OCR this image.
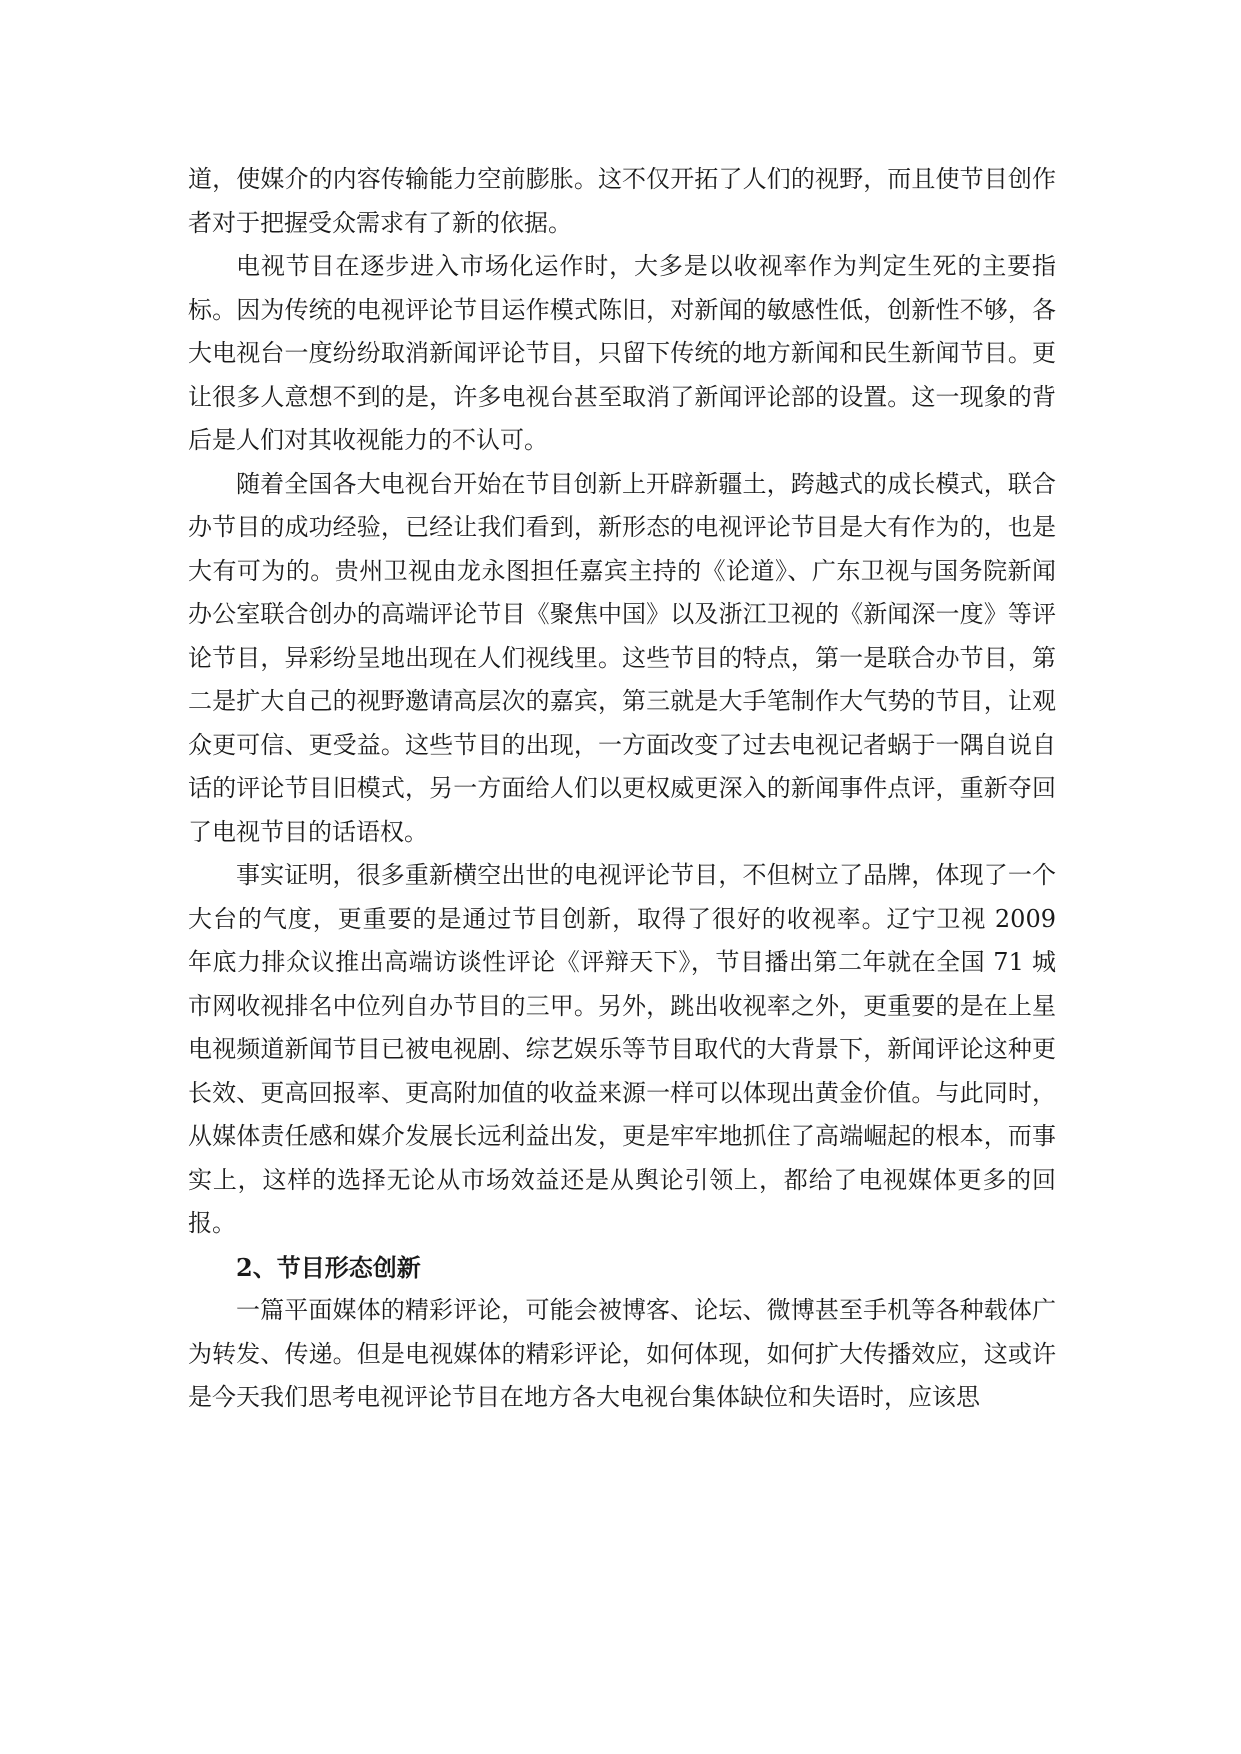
道，使媒介的内容传输能力空前膨胀。这不仅开拓了人们的视野，而且使节目创作者对于把握受众需求有了新的依据。

电视节目在逐步进入市场化运作时，大多是以收视率作为判定生死的主要指标。因为传统的电视评论节目运作模式陈旧，对新闻的敏感性低，创新性不够，各大电视台一度纷纷取消新闻评论节目，只留下传统的地方新闻和民生新闻节目。更让很多人意想不到的是，许多电视台甚至取消了新闻评论部的设置。这一现象的背后是人们对其收视能力的不认可。

随着全国各大电视台开始在节目创新上开辟新疆土，跨越式的成长模式，联合办节目的成功经验，已经让我们看到，新形态的电视评论节目是大有作为的，也是大有可为的。贵州卫视由龙永图担任嘉宾主持的《论道》、广东卫视与国务院新闻办公室联合创办的高端评论节目《聚焦中国》以及浙江卫视的《新闻深一度》等评论节目，异彩纷呈地出现在人们视线里。这些节目的特点，第一是联合办节目，第二是扩大自己的视野邀请高层次的嘉宾，第三就是大手笔制作大气势的节目，让观众更可信、更受益。这些节目的出现，一方面改变了过去电视记者蜗于一隅自说自话的评论节目旧模式，另一方面给人们以更权威更深入的新闻事件点评，重新夺回了电视节目的话语权。

事实证明，很多重新横空出世的电视评论节目，不但树立了品牌，体现了一个大台的气度，更重要的是通过节目创新，取得了很好的收视率。辽宁卫视 2009 年底力排众议推出高端访谈性评论《评辩天下》，节目播出第二年就在全国 71 城市网收视排名中位列自办节目的三甲。另外，跳出收视率之外，更重要的是在上星电视频道新闻节目已被电视剧、综艺娱乐等节目取代的大背景下，新闻评论这种更长效、更高回报率、更高附加值的收益来源一样可以体现出黄金价值。与此同时，从媒体责任感和媒介发展长远利益出发，更是牢牢地抓住了高端崛起的根本，而事实上，这样的选择无论从市场效益还是从舆论引领上，都给了电视媒体更多的回报。

2、节目形态创新

一篇平面媒体的精彩评论，可能会被博客、论坛、微博甚至手机等各种载体广为转发、传递。但是电视媒体的精彩评论，如何体现，如何扩大传播效应，这或许是今天我们思考电视评论节目在地方各大电视台集体缺位和失语时，应该思
